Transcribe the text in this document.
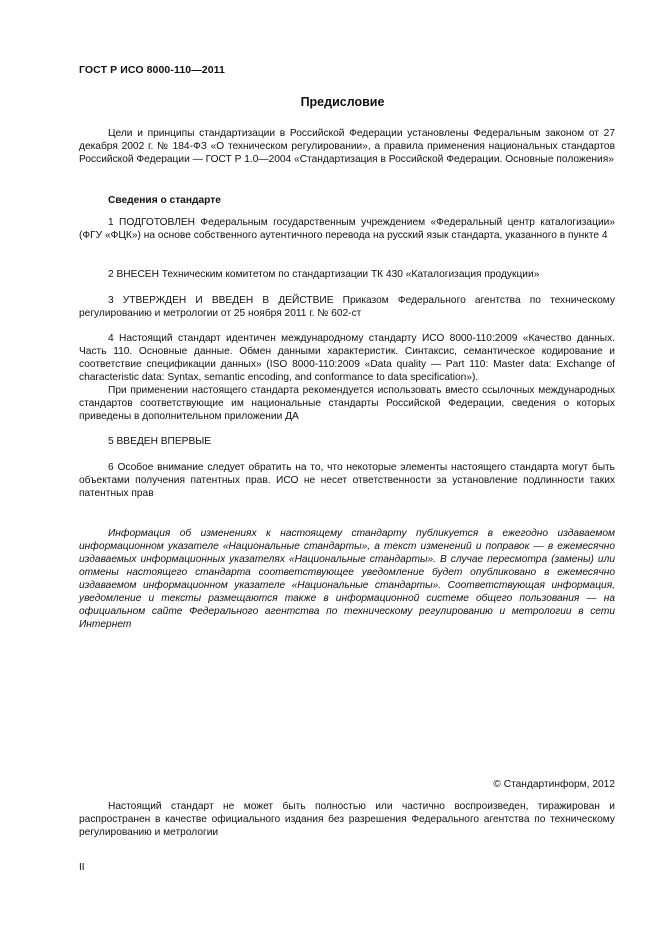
ГОСТ Р ИСО 8000-110—2011
Предисловие
Цели и принципы стандартизации в Российской Федерации установлены Федеральным законом от 27 декабря 2002 г. № 184-ФЗ «О техническом регулировании», а правила применения национальных стандартов Российской Федерации — ГОСТ Р 1.0—2004 «Стандартизация в Российской Федерации. Основные положения»
Сведения о стандарте
1 ПОДГОТОВЛЕН Федеральным государственным учреждением «Федеральный центр каталогизации» (ФГУ «ФЦК») на основе собственного аутентичного перевода на русский язык стандарта, указанного в пункте 4
2 ВНЕСЕН Техническим комитетом по стандартизации ТК 430 «Каталогизация продукции»
3 УТВЕРЖДЕН И ВВЕДЕН В ДЕЙСТВИЕ Приказом Федерального агентства по техническому регулированию и метрологии от 25 ноября 2011 г. № 602-ст
4 Настоящий стандарт идентичен международному стандарту ИСО 8000-110:2009 «Качество данных. Часть 110. Основные данные. Обмен данными характеристик. Синтаксис, семантическое кодирование и соответствие спецификации данных» (ISO 8000-110:2009 «Data quality — Part 110: Master data: Exchange of characteristic data: Syntax, semantic encoding, and conformance to data specification»).
При применении настоящего стандарта рекомендуется использовать вместо ссылочных международных стандартов соответствующие им национальные стандарты Российской Федерации, сведения о которых приведены в дополнительном приложении ДА
5 ВВЕДЕН ВПЕРВЫЕ
6 Особое внимание следует обратить на то, что некоторые элементы настоящего стандарта могут быть объектами получения патентных прав. ИСО не несет ответственности за установление подлинности таких патентных прав
Информация об изменениях к настоящему стандарту публикуется в ежегодно издаваемом информационном указателе «Национальные стандарты», а текст изменений и поправок — в ежемесячно издаваемых информационных указателях «Национальные стандарты». В случае пересмотра (замены) или отмены настоящего стандарта соответствующее уведомление будет опубликовано в ежемесячно издаваемом информационном указателе «Национальные стандарты». Соответствующая информация, уведомление и тексты размещаются также в информационной системе общего пользования — на официальном сайте Федерального агентства по техническому регулированию и метрологии в сети Интернет
© Стандартинформ, 2012
Настоящий стандарт не может быть полностью или частично воспроизведен, тиражирован и распространен в качестве официального издания без разрешения Федерального агентства по техническому регулированию и метрологии
II
